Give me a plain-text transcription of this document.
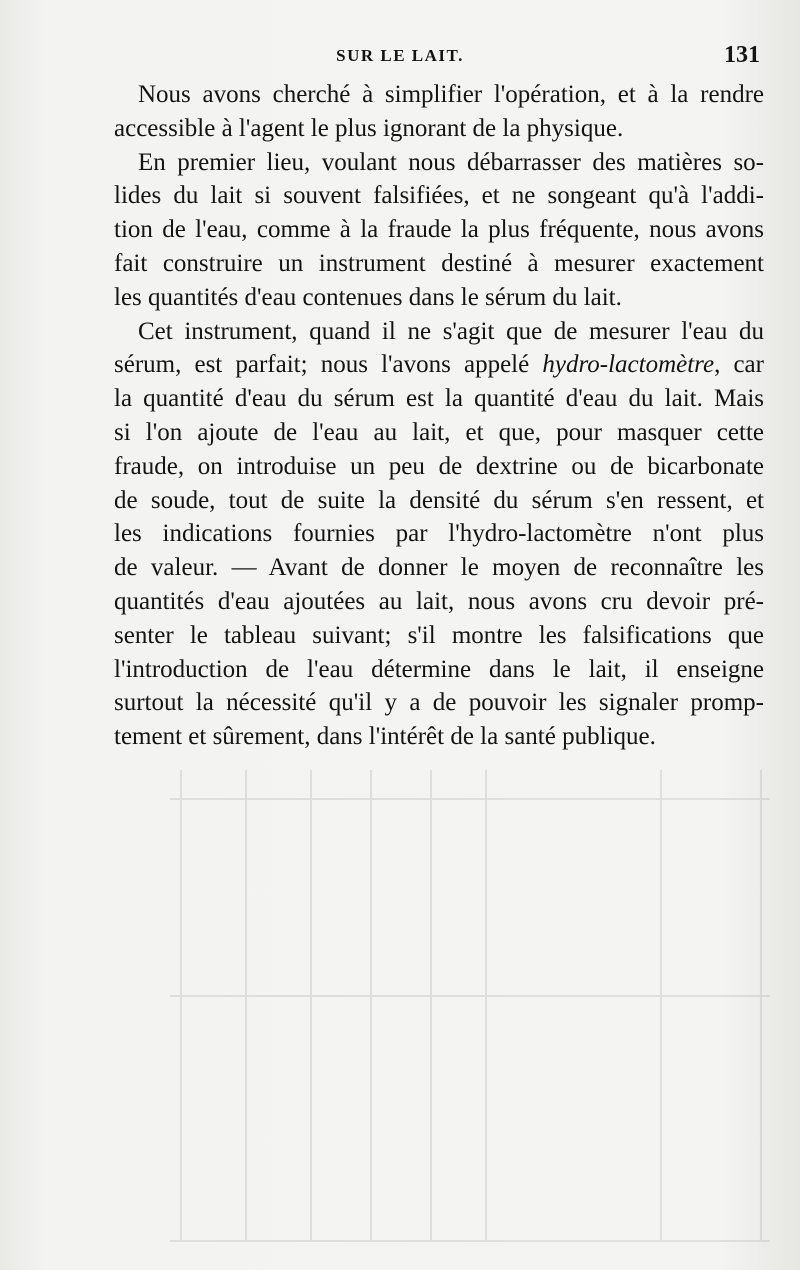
SUR LE LAIT.	131
Nous avons cherché à simplifier l'opération, et à la rendre
accessible à l'agent le plus ignorant de la physique.
En premier lieu, voulant nous débarrasser des matières so-
lides du lait si souvent falsifiées, et ne songeant qu'à l'addi-
tion de l'eau, comme à la fraude la plus fréquente, nous avons
fait construire un instrument destiné à mesurer exactement
les quantités d'eau contenues dans le sérum du lait.
Cet instrument, quand il ne s'agit que de mesurer l'eau du
sérum, est parfait; nous l'avons appelé hydro-lactomètre, car
la quantité d'eau du sérum est la quantité d'eau du lait. Mais
si l'on ajoute de l'eau au lait, et que, pour masquer cette
fraude, on introduise un peu de dextrine ou de bicarbonate
de soude, tout de suite la densité du sérum s'en ressent, et
les indications fournies par l'hydro-lactomètre n'ont plus
de valeur. — Avant de donner le moyen de reconnaître les
quantités d'eau ajoutées au lait, nous avons cru devoir pré-
senter le tableau suivant; s'il montre les falsifications que
l'introduction de l'eau détermine dans le lait, il enseigne
surtout la nécessité qu'il y a de pouvoir les signaler promp-
tement et sûrement, dans l'intérêt de la santé publique.
